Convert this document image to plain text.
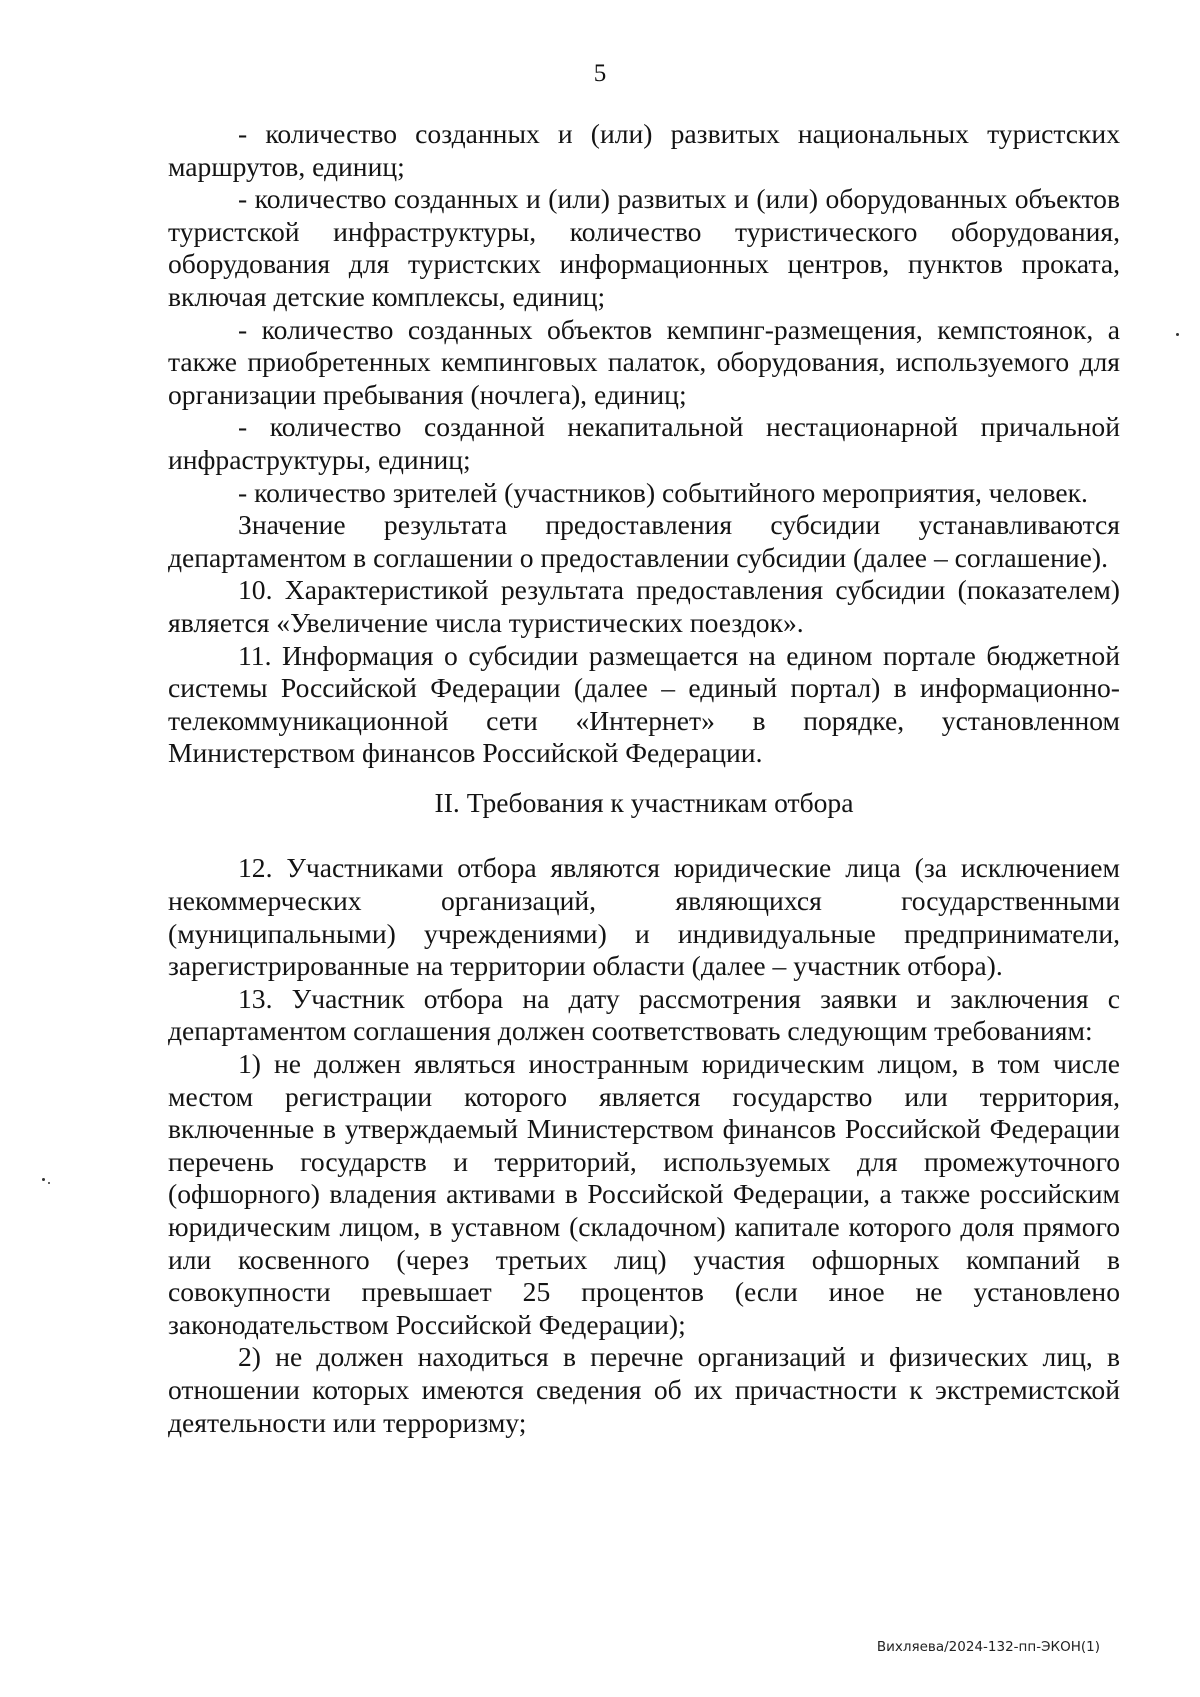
5

- количество созданных и (или) развитых национальных туристских маршрутов, единиц;

- количество созданных и (или) развитых и (или) оборудованных объектов туристской инфраструктуры, количество туристического оборудования, оборудования для туристских информационных центров, пунктов проката, включая детские комплексы, единиц;

- количество созданных объектов кемпинг-размещения, кемпстоянок, а также приобретенных кемпинговых палаток, оборудования, используемого для организации пребывания (ночлега), единиц;

- количество созданной некапитальной нестационарной причальной инфраструктуры, единиц;

- количество зрителей (участников) событийного мероприятия, человек.

Значение результата предоставления субсидии устанавливаются департаментом в соглашении о предоставлении субсидии (далее – соглашение).

10. Характеристикой результата предоставления субсидии (показателем) является «Увеличение числа туристических поездок».

11. Информация о субсидии размещается на едином портале бюджетной системы Российской Федерации (далее – единый портал) в информационно-телекоммуникационной сети «Интернет» в порядке, установленном Министерством финансов Российской Федерации.

II. Требования к участникам отбора

12. Участниками отбора являются юридические лица (за исключением некоммерческих организаций, являющихся государственными (муниципальными) учреждениями) и индивидуальные предприниматели, зарегистрированные на территории области (далее – участник отбора).

13. Участник отбора на дату рассмотрения заявки и заключения с департаментом соглашения должен соответствовать следующим требованиям:

1) не должен являться иностранным юридическим лицом, в том числе местом регистрации которого является государство или территория, включенные в утверждаемый Министерством финансов Российской Федерации перечень государств и территорий, используемых для промежуточного (офшорного) владения активами в Российской Федерации, а также российским юридическим лицом, в уставном (складочном) капитале которого доля прямого или косвенного (через третьих лиц) участия офшорных компаний в совокупности превышает 25 процентов (если иное не установлено законодательством Российской Федерации);

2) не должен находиться в перечне организаций и физических лиц, в отношении которых имеются сведения об их причастности к экстремистской деятельности или терроризму;

Вихляева/2024-132-пп-ЭКОН(1)
